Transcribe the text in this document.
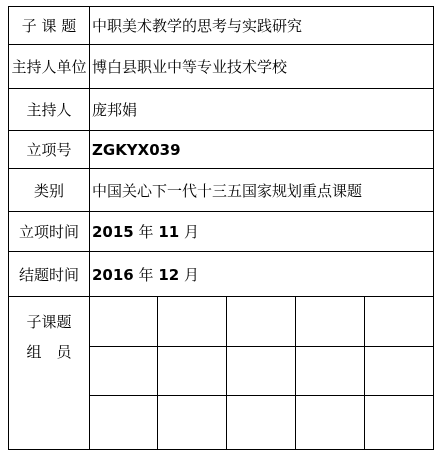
子 课 题	中职美术教学的思考与实践研究				
主持人单位	博白县职业中等专业技术学校				
主持人	庞邦娟				
立项号	ZGKYX039				
类别	中国关心下一代十三五国家规划重点课题				
立项时间	2015 年 11 月				
结题时间	2016 年 12 月				

子课题
组　员					
